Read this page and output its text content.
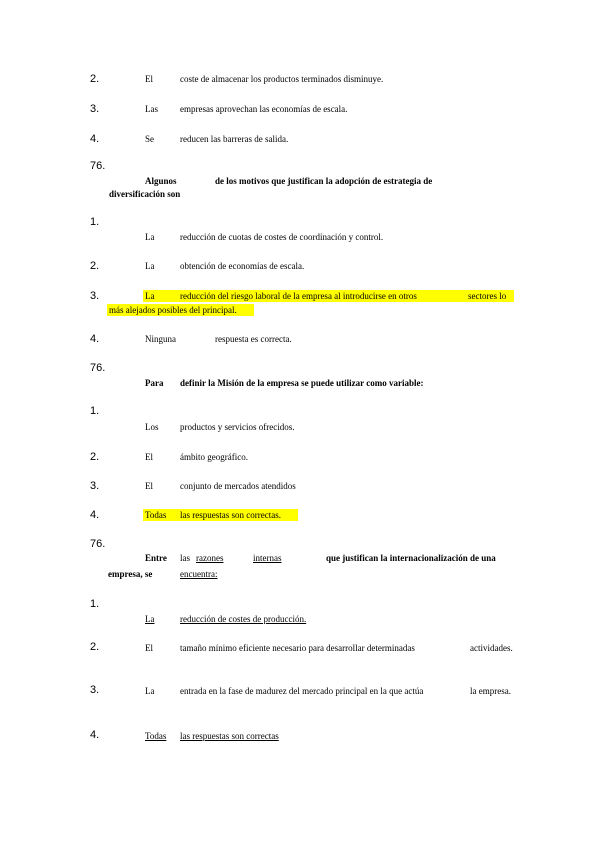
2.	El	coste de almacenar los productos terminados disminuye.
3.	Las empresas aprovechan las economías de escala.
4.	Se	reducen las barreras de salida.
76.
Algunos	de los motivos que justifican la adopción de estrategia de
diversificación son
1.
La	reducción de cuotas de costes de coordinación y control.
2.	La	obtención de economías de escala.
3.	La	reducción del riesgo laboral de la empresa al introducirse en otros	sectores lo
más alejados posibles del principal.
4.	Ninguna	respuesta es correcta.
76.
Para definir la Misión de la empresa se puede utilizar como variable:
1.
Los productos y servicios ofrecidos.
2.	El	ámbito geográfico.
3.	El	conjunto de mercados atendidos
4.	Todas las respuestas son correctas.
76.
Entre las razones	internas	que justifican la internacionalización de una
empresa, se	encuentra:
1.
La	reducción de costes de producción.
2.	El	tamaño mínimo eficiente necesario para desarrollar determinadas	actividades.
3.	La	entrada en la fase de madurez del mercado principal en la que actúa	la empresa.
4.	Todas las respuestas son correctas
